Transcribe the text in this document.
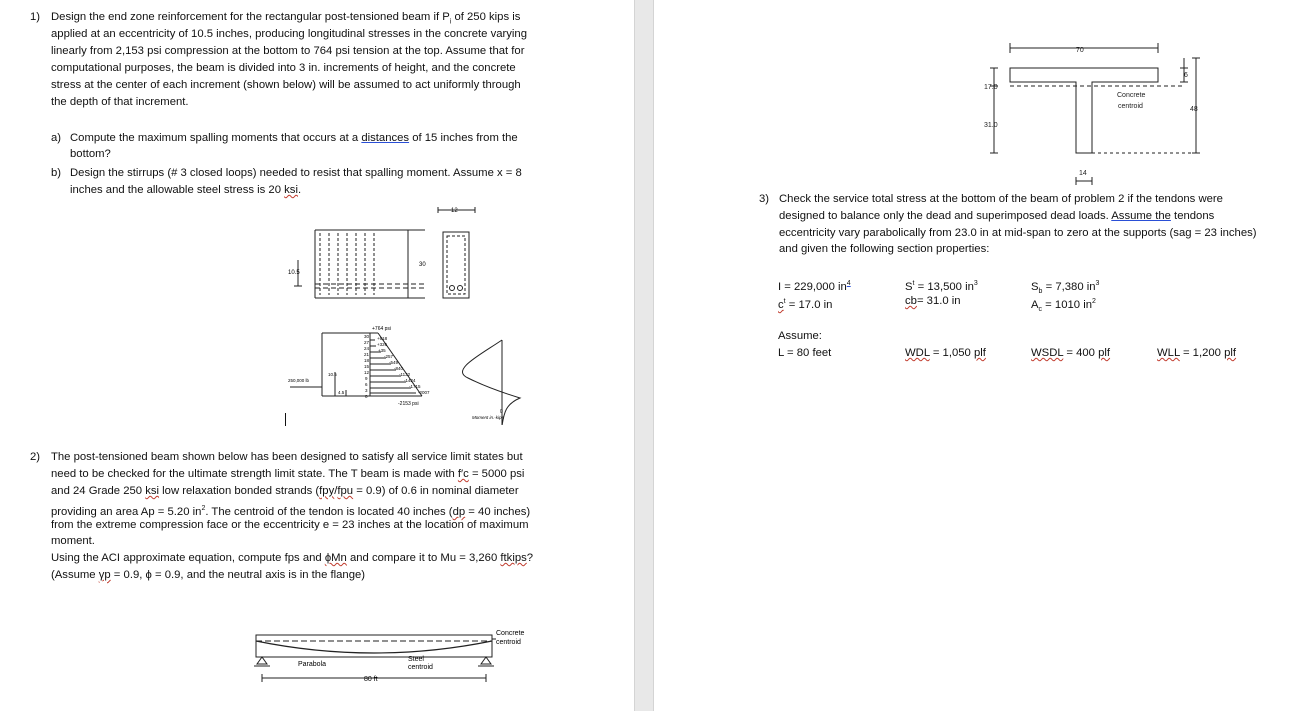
1) Design the end zone reinforcement for the rectangular post-tensioned beam if $P_i$ of 250 kips is
applied at an eccentricity of 10.5 inches, producing longitudinal stresses in the concrete varying
linearly from 2,153 psi compression at the bottom to 764 psi tension at the top. Assume that for
computational purposes, the beam is divided into 3 in. increments of height, and the concrete
stress at the center of each increment (shown below) will be assumed to act uniformly through
the depth of that increment.
a) Compute the maximum spalling moments that occurs at a distances of 15 inches from the
bottom?
b) Design the stirrups (# 3 closed loops) needed to resist that spalling moment. Assume x = 8
inches and the allowable steel stress is 20 ksi.
10.5
30
12
+764 psi
-2153 psi
30
27
24
21
18
15
12
9
6
3
0
+618
+326
+35
-257
-549
-840
-1132
-1424
-1715
-2007
250,000 lb
10.5
4.5
0
Moment in.-kips
2) The post-tensioned beam shown below has been designed to satisfy all service limit states but
need to be checked for the ultimate strength limit state. The T beam is made with f′c = 5000 psi
and 24 Grade 250 ksi low relaxation bonded strands (fpy/fpu = 0.9) of 0.6 in nominal diameter
providing an area Ap = 5.20 $in^2$. The centroid of the tendon is located 40 inches (dp = 40 inches)
from the extreme compression face or the eccentricity e = 23 inches at the location of maximum
moment.
Using the ACI approximate equation, compute fps and ϕMn and compare it to Mu = 3,260 ftkips?
(Assume γp = 0.9, ϕ = 0.9, and the neutral axis is in the flange)
Concrete
centroid
Parabola
Steel
centroid
80 ft
70
6
17.0
31.0
48
14
Concrete
centroid
3) Check the service total stress at the bottom of the beam of problem 2 if the tendons were
designed to balance only the dead and superimposed dead loads. Assume the tendons
eccentricity vary parabolically from 23.0 in at mid-span to zero at the supports (sag = 23 inches)
and given the following section properties:
I = 229,000 $in^4$	$S^t = 13,500$ $in^3$	$S_b = 7,380$ $in^3$
$c^t = 17.0$ in	cb= 31.0 in	$A_c = 1010$ $in^2$
Assume:
L = 80 feet	WDL = 1,050 plf	WSDL = 400 plf	WLL = 1,200 plf
